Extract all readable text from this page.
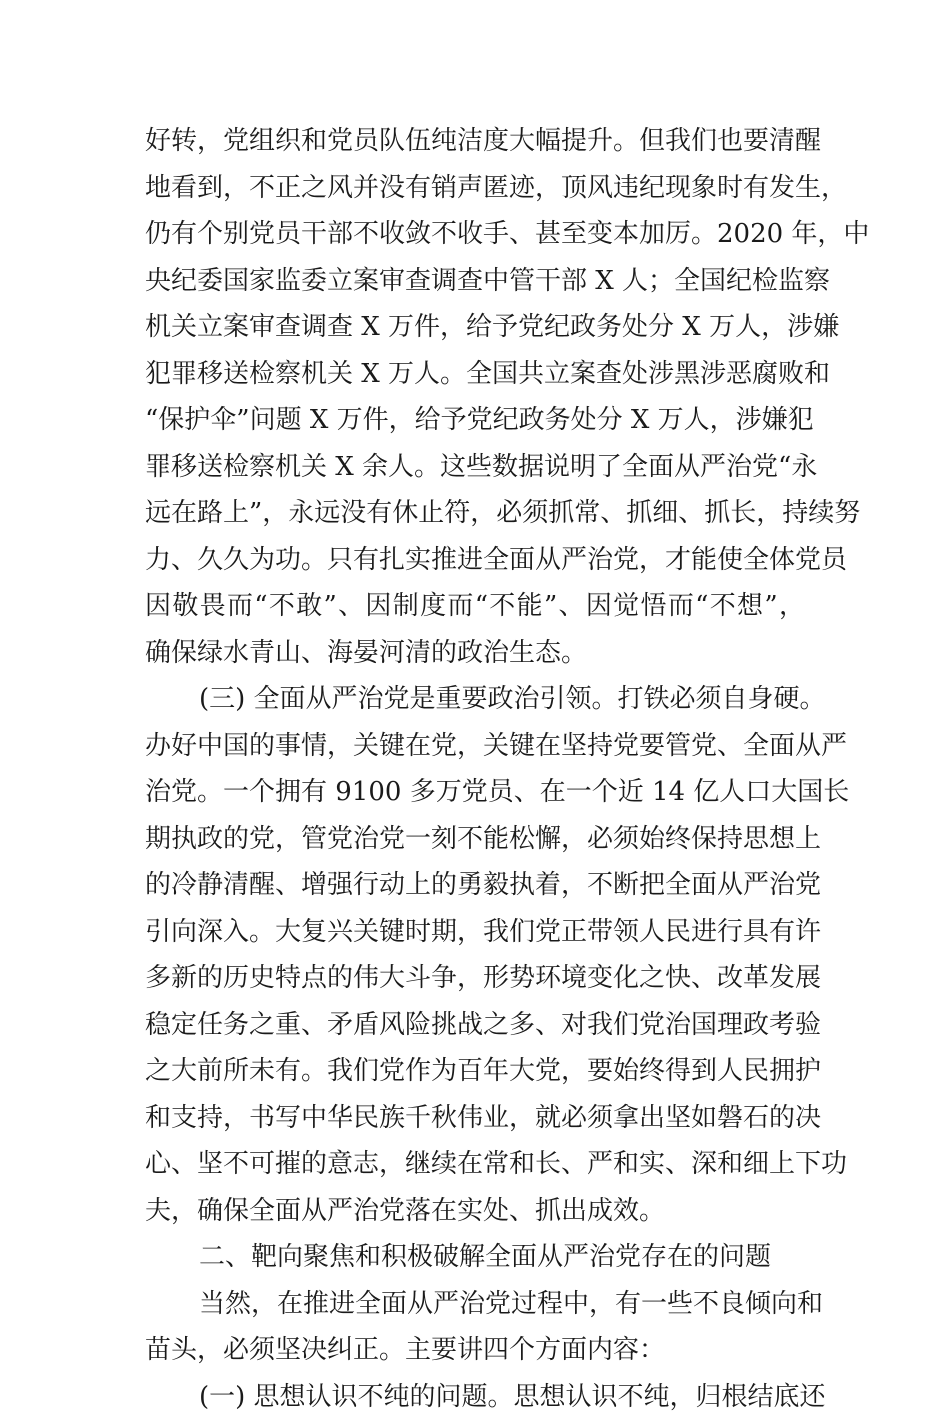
好转，党组织和党员队伍纯洁度大幅提升。但我们也要清醒
地看到，不正之风并没有销声匿迹，顶风违纪现象时有发生，
仍有个别党员干部不收敛不收手、甚至变本加厉。2020 年，中
央纪委国家监委立案审查调查中管干部 X 人；全国纪检监察
机关立案审查调查 X 万件，给予党纪政务处分 X 万人，涉嫌
犯罪移送检察机关 X 万人。全国共立案查处涉黑涉恶腐败和
“保护伞”问题 X 万件，给予党纪政务处分 X 万人，涉嫌犯
罪移送检察机关 X 余人。这些数据说明了全面从严治党“永
远在路上”，永远没有休止符，必须抓常、抓细、抓长，持续努
力、久久为功。只有扎实推进全面从严治党，才能使全体党员
因敬畏而“不敢”、因制度而“不能”、因觉悟而“不想”，
确保绿水青山、海晏河清的政治生态。
(三) 全面从严治党是重要政治引领。打铁必须自身硬。
办好中国的事情，关键在党，关键在坚持党要管党、全面从严
治党。一个拥有 9100 多万党员、在一个近 14 亿人口大国长
期执政的党，管党治党一刻不能松懈，必须始终保持思想上
的冷静清醒、增强行动上的勇毅执着，不断把全面从严治党
引向深入。大复兴关键时期，我们党正带领人民进行具有许
多新的历史特点的伟大斗争，形势环境变化之快、改革发展
稳定任务之重、矛盾风险挑战之多、对我们党治国理政考验
之大前所未有。我们党作为百年大党，要始终得到人民拥护
和支持，书写中华民族千秋伟业，就必须拿出坚如磐石的决
心、坚不可摧的意志，继续在常和长、严和实、深和细上下功
夫，确保全面从严治党落在实处、抓出成效。
二、靶向聚焦和积极破解全面从严治党存在的问题
当然，在推进全面从严治党过程中，有一些不良倾向和
苗头，必须坚决纠正。主要讲四个方面内容：
(一) 思想认识不纯的问题。思想认识不纯，归根结底还
